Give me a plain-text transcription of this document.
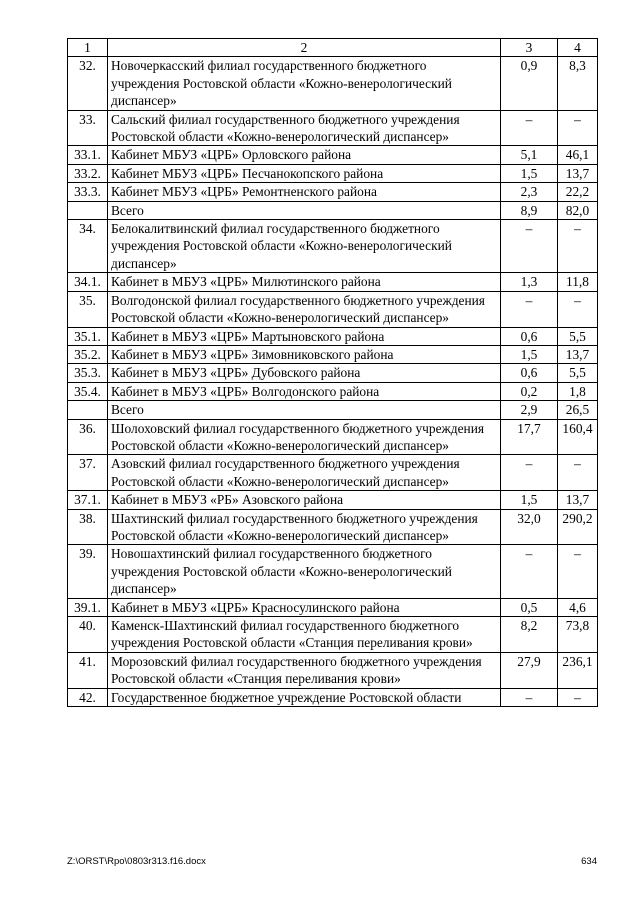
1	2	3	4
32.	Новочеркасский филиал государственного бюджетного учреждения Ростовской области «Кожно-венерологический диспансер»	0,9	8,3
33.	Сальский филиал государственного бюджетного учреждения Ростовской области «Кожно-венерологический диспансер»	–	–
33.1.	Кабинет МБУЗ «ЦРБ» Орловского района	5,1	46,1
33.2.	Кабинет МБУЗ «ЦРБ» Песчанокопского района	1,5	13,7
33.3.	Кабинет МБУЗ «ЦРБ» Ремонтненского района	2,3	22,2
	Всего	8,9	82,0
34.	Белокалитвинский филиал государственного бюджетного учреждения Ростовской области «Кожно-венерологический диспансер»	–	–
34.1.	Кабинет в МБУЗ «ЦРБ» Милютинского района	1,3	11,8
35.	Волгодонской филиал государственного бюджетного учреждения Ростовской области «Кожно-венерологический диспансер»	–	–
35.1.	Кабинет в МБУЗ «ЦРБ» Мартыновского района	0,6	5,5
35.2.	Кабинет в МБУЗ «ЦРБ» Зимовниковского района	1,5	13,7
35.3.	Кабинет в МБУЗ «ЦРБ» Дубовского района	0,6	5,5
35.4.	Кабинет в МБУЗ «ЦРБ» Волгодонского района	0,2	1,8
	Всего	2,9	26,5
36.	Шолоховский филиал государственного бюджетного учреждения Ростовской области «Кожно-венерологический диспансер»	17,7	160,4
37.	Азовский филиал государственного бюджетного учреждения Ростовской области «Кожно-венерологический диспансер»	–	–
37.1.	Кабинет в МБУЗ «РБ» Азовского района	1,5	13,7
38.	Шахтинский филиал государственного бюджетного учреждения Ростовской области «Кожно-венерологический диспансер»	32,0	290,2
39.	Новошахтинский филиал государственного бюджетного учреждения Ростовской области «Кожно-венерологический диспансер»	–	–
39.1.	Кабинет в МБУЗ «ЦРБ» Красносулинского района	0,5	4,6
40.	Каменск-Шахтинский филиал государственного бюджетного учреждения Ростовской области «Станция переливания крови»	8,2	73,8
41.	Морозовский филиал государственного бюджетного учреждения Ростовской области «Станция переливания крови»	27,9	236,1
42.	Государственное бюджетное учреждение Ростовской области	–	–
Z:\ORST\Rpo\0803r313.f16.docx	634
